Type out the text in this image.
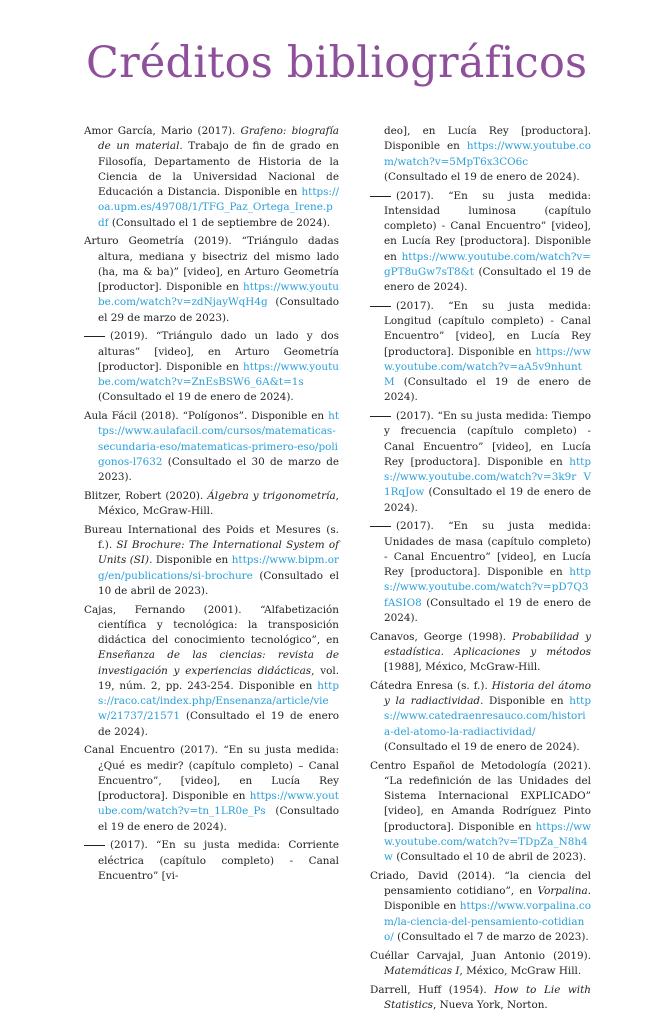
Créditos bibliográficos

Amor García, Mario (2017). Grafeno: biografía de un material. Trabajo de fin de grado en Filosofía, Departamento de Historia de la Ciencia de la Universidad Nacional de Educación a Distancia. Disponible en https://oa.upm.es/49708/1/TFG_Paz_Ortega_Irene.pdf (Consultado el 1 de septiembre de 2024).

Arturo Geometría (2019). “Triángulo dadas altura, mediana y bisectriz del mismo lado (ha, ma & ba)” [video], en Arturo Geometría [productor]. Disponible en https://www.youtube.com/watch?v=zdNjayWqH4g (Consultado el 29 de marzo de 2023).

(2019). “Triángulo dado un lado y dos alturas” [video], en Arturo Geometría [productor]. Disponible en https://www.youtube.com/watch?v=ZnEsBSW6_6A&t=1s (Consultado el 19 de enero de 2024).

Aula Fácil (2018). “Polígonos”. Disponible en https://www.aulafacil.com/cursos/matematicas-secundaria-eso/matematicas-primero-eso/poligonos-l7632 (Consultado el 30 de marzo de 2023).

Blitzer, Robert (2020). Álgebra y trigonometría, México, McGraw-Hill.

Bureau International des Poids et Mesures (s. f.). SI Brochure: The International System of Units (SI). Disponible en https://www.bipm.org/en/publications/si-brochure (Consultado el 10 de abril de 2023).

Cajas, Fernando (2001). “Alfabetización científica y tecnológica: la transposición didáctica del conocimiento tecnológico”, en Enseñanza de las ciencias: revista de investigación y experiencias didácticas, vol. 19, núm. 2, pp. 243-254. Disponible en https://raco.cat/index.php/Ensenanza/article/view/21737/21571 (Consultado el 19 de enero de 2024).

Canal Encuentro (2017). “En su justa medida: ¿Qué es medir? (capítulo completo) – Canal Encuentro”, [video], en Lucía Rey [productora]. Disponible en https://www.youtube.com/watch?v=tn_1LR0e_Ps (Consultado el 19 de enero de 2024).

(2017). “En su justa medida: Corriente eléctrica (capítulo completo) - Canal Encuentro” [vi-

deo], en Lucía Rey [productora]. Disponible en https://www.youtube.com/watch?v=5MpT6x3CO6c (Consultado el 19 de enero de 2024).

(2017). “En su justa medida: Intensidad luminosa (capítulo completo) - Canal Encuentro” [video], en Lucía Rey [productora]. Disponible en https://www.youtube.com/watch?v=gPT8uGw7sT8&t (Consultado el 19 de enero de 2024).

(2017). “En su justa medida: Longitud (capítulo completo) - Canal Encuentro” [video], en Lucía Rey [productora]. Disponible en https://www.youtube.com/watch?v=aA5v9nhuntM (Consultado el 19 de enero de 2024).

(2017). “En su justa medida: Tiempo y frecuencia (capítulo completo) - Canal Encuentro” [video], en Lucía Rey [productora]. Disponible en https://www.youtube.com/watch?v=3k9r V1RqJow (Consultado el 19 de enero de 2024).

(2017). “En su justa medida: Unidades de masa (capítulo completo) - Canal Encuentro” [video], en Lucía Rey [productora]. Disponible en https://www.youtube.com/watch?v=pD7Q3fASIO8 (Consultado el 19 de enero de 2024).

Canavos, George (1998). Probabilidad y estadística. Aplicaciones y métodos [1988], México, McGraw-Hill.

Cátedra Enresa (s. f.). Historia del átomo y la radiactividad. Disponible en https://www.catedraenresauco.com/historia-del-atomo-la-radiactividad/ (Consultado el 19 de enero de 2024).

Centro Español de Metodología (2021). “La redefinición de las Unidades del Sistema Internacional EXPLICADO” [video], en Amanda Rodríguez Pinto [productora]. Disponible en https://www.youtube.com/watch?v=TDpZa_N8h4w (Consultado el 10 de abril de 2023).

Criado, David (2014). “la ciencia del pensamiento cotidiano”, en Vorpalina. Disponible en https://www.vorpalina.com/la-ciencia-del-pensamiento-cotidiano/ (Consultado el 7 de marzo de 2023).

Cuéllar Carvajal, Juan Antonio (2019). Matemáticas I, México, McGraw Hill.

Darrell, Huff (1954). How to Lie with Statistics, Nueva York, Norton.
